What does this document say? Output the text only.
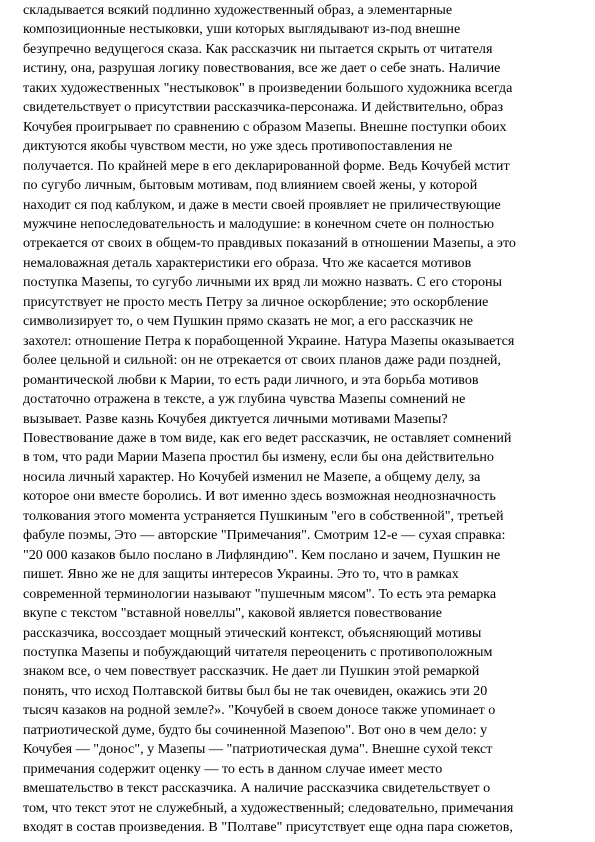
складывается всякий подлинно художественный образ, а элементарные
композиционные нестыковки, уши которых выглядывают из-под внешне
безупречно ведущегося сказа. Как рассказчик ни пытается скрыть от читателя
истину, она, разрушая логику повествования, все же дает о себе знать. Наличие
таких художественных "нестыковок" в произведении большого художника всегда
свидетельствует о присутствии рассказчика-персонажа. И действительно, образ
Кочубея проигрывает по сравнению с образом Мазепы. Внешне поступки обоих
диктуются якобы чувством мести, но уже здесь противопоставления не
получается. По крайней мере в его декларированной форме. Ведь Кочубей мстит
по сугубо личным, бытовым мотивам, под влиянием своей жены, у которой
находит ся под каблуком, и даже в мести своей проявляет не приличествующие
мужчине непоследовательность и малодушие: в конечном счете он полностью
отрекается от своих в общем-то правдивых показаний в отношении Мазепы, а это
немаловажная деталь характеристики его образа. Что же касается мотивов
поступка Мазепы, то сугубо личными их вряд ли можно назвать. С его стороны
присутствует не просто месть Петру за личное оскорбление; это оскорбление
символизирует то, о чем Пушкин прямо сказать не мог, а его рассказчик не
захотел: отношение Петра к порабощенной Украине. Натура Мазепы оказывается
более цельной и сильной: он не отрекается от своих планов даже ради поздней,
романтической любви к Марии, то есть ради личного, и эта борьба мотивов
достаточно отражена в тексте, а уж глубина чувства Мазепы сомнений не
вызывает. Разве казнь Кочубея диктуется личными мотивами Мазепы?
Повествование даже в том виде, как его ведет рассказчик, не оставляет сомнений
в том, что ради Марии Мазепа простил бы измену, если бы она действительно
носила личный характер. Но Кочубей изменил не Мазепе, а общему делу, за
которое они вместе боролись. И вот именно здесь возможная неоднозначность
толкования этого момента устраняется Пушкиным "его в собственной", третьей
фабуле поэмы, Это — авторские "Примечания". Смотрим 12-е — сухая справка:
"20 000 казаков было послано в Лифляндию". Кем послано и зачем, Пушкин не
пишет. Явно же не для защиты интересов Украины. Это то, что в рамках
современной терминологии называют "пушечным мясом". То есть эта ремарка
вкупе с текстом "вставной новеллы", каковой является повествование
рассказчика, воссоздает мощный этический контекст, объясняющий мотивы
поступка Мазепы и побуждающий читателя переоценить с противоположным
знаком все, о чем повествует рассказчик. Не дает ли Пушкин этой ремаркой
понять, что исход Полтавской битвы был бы не так очевиден, окажись эти 20
тысяч казаков на родной земле?». "Кочубей в своем доносе также упоминает о
патриотической думе, будто бы сочиненной Мазепою". Вот оно в чем дело: у
Кочубея — "донос", у Мазепы — "патриотическая дума". Внешне сухой текст
примечания содержит оценку — то есть в данном случае имеет место
вмешательство в текст рассказчика. А наличие рассказчика свидетельствует о
том, что текст этот не служебный, а художественный; следовательно, примечания
входят в состав произведения. В "Полтаве" присутствует еще одна пара сюжетов,
